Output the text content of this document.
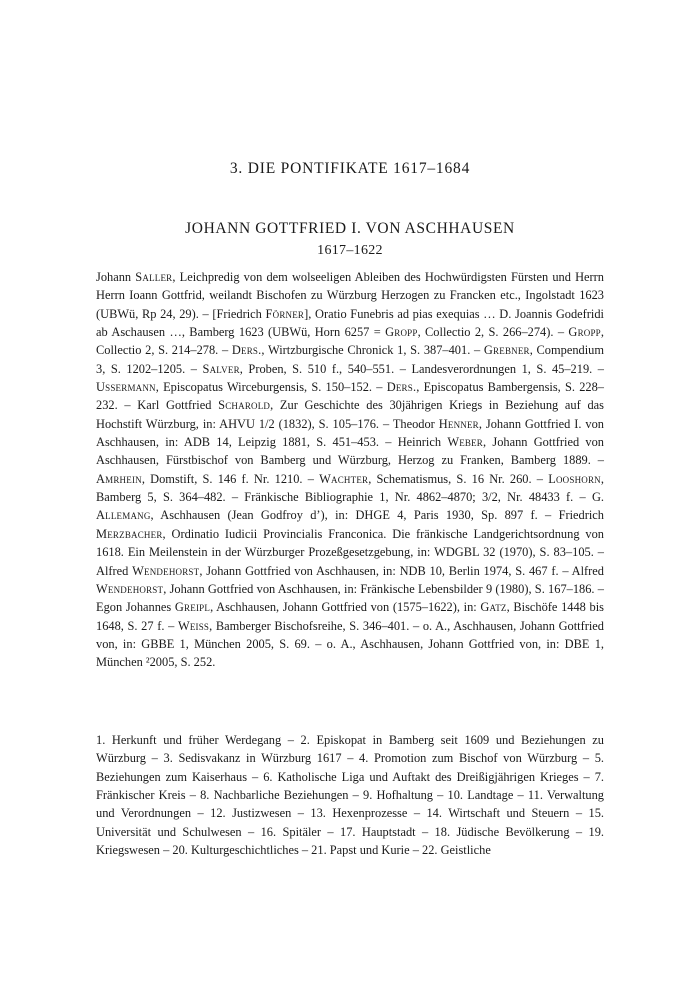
3. DIE PONTIFIKATE 1617–1684
JOHANN GOTTFRIED I. VON ASCHHAUSEN
1617–1622

Johann Saller, Leichpredig von dem wolseeligen Ableiben des Hochwürdigsten Fürsten und Herrn Herrn Ioann Gottfrid, weilandt Bischofen zu Würzburg Herzogen zu Francken etc., Ingolstadt 1623 (UBWü, Rp 24, 29). – [Friedrich Förner], Oratio Funebris ad pias exequias … D. Joannis Godefridi ab Aschausen …, Bamberg 1623 (UBWü, Horn 6257 = Gropp, Collectio 2, S. 266–274). – Gropp, Collectio 2, S. 214–278. – Ders., Wirtzburgische Chronick 1, S. 387–401. – Grebner, Compendium 3, S. 1202–1205. – Salver, Proben, S. 510 f., 540–551. – Landesverordnungen 1, S. 45–219. – Ussermann, Episcopatus Wirceburgensis, S. 150–152. – Ders., Episcopatus Bambergensis, S. 228–232. – Karl Gottfried Scharold, Zur Geschichte des 30jährigen Kriegs in Beziehung auf das Hochstift Würzburg, in: AHVU 1/2 (1832), S. 105–176. – Theodor Henner, Johann Gottfried I. von Aschhausen, in: ADB 14, Leipzig 1881, S. 451–453. – Heinrich Weber, Johann Gottfried von Aschhausen, Fürstbischof von Bamberg und Würzburg, Herzog zu Franken, Bamberg 1889. – Amrhein, Domstift, S. 146 f. Nr. 1210. – Wachter, Schematismus, S. 16 Nr. 260. – Looshorn, Bamberg 5, S. 364–482. – Fränkische Bibliographie 1, Nr. 4862–4870; 3/2, Nr. 48433 f. – G. Allemang, Aschhausen (Jean Godfroy d’), in: DHGE 4, Paris 1930, Sp. 897 f. – Friedrich Merzbacher, Ordinatio Iudicii Provincialis Franconica. Die fränkische Landgerichtsordnung von 1618. Ein Meilenstein in der Würzburger Prozeßgesetzgebung, in: WDGBL 32 (1970), S. 83–105. – Alfred Wendehorst, Johann Gottfried von Aschhausen, in: NDB 10, Berlin 1974, S. 467 f. – Alfred Wendehorst, Johann Gottfried von Aschhausen, in: Fränkische Lebensbilder 9 (1980), S. 167–186. – Egon Johannes Greipl, Aschhausen, Johann Gottfried von (1575–1622), in: Gatz, Bischöfe 1448 bis 1648, S. 27 f. – Weiss, Bamberger Bischofsreihe, S. 346–401. – o. A., Aschhausen, Johann Gottfried von, in: GBBE 1, München 2005, S. 69. – o. A., Aschhausen, Johann Gottfried von, in: DBE 1, München ²2005, S. 252.

1. Herkunft und früher Werdegang – 2. Episkopat in Bamberg seit 1609 und Beziehungen zu Würzburg – 3. Sedisvakanz in Würzburg 1617 – 4. Promotion zum Bischof von Würzburg – 5. Beziehungen zum Kaiserhaus – 6. Katholische Liga und Auftakt des Dreißigjährigen Krieges – 7. Fränkischer Kreis – 8. Nachbarliche Beziehungen – 9. Hofhaltung – 10. Landtage – 11. Verwaltung und Verordnungen – 12. Justizwesen – 13. Hexenprozesse – 14. Wirtschaft und Steuern – 15. Universität und Schulwesen – 16. Spitäler – 17. Hauptstadt – 18. Jüdische Bevölkerung – 19. Kriegswesen – 20. Kulturgeschichtliches – 21. Papst und Kurie – 22. Geistliche
